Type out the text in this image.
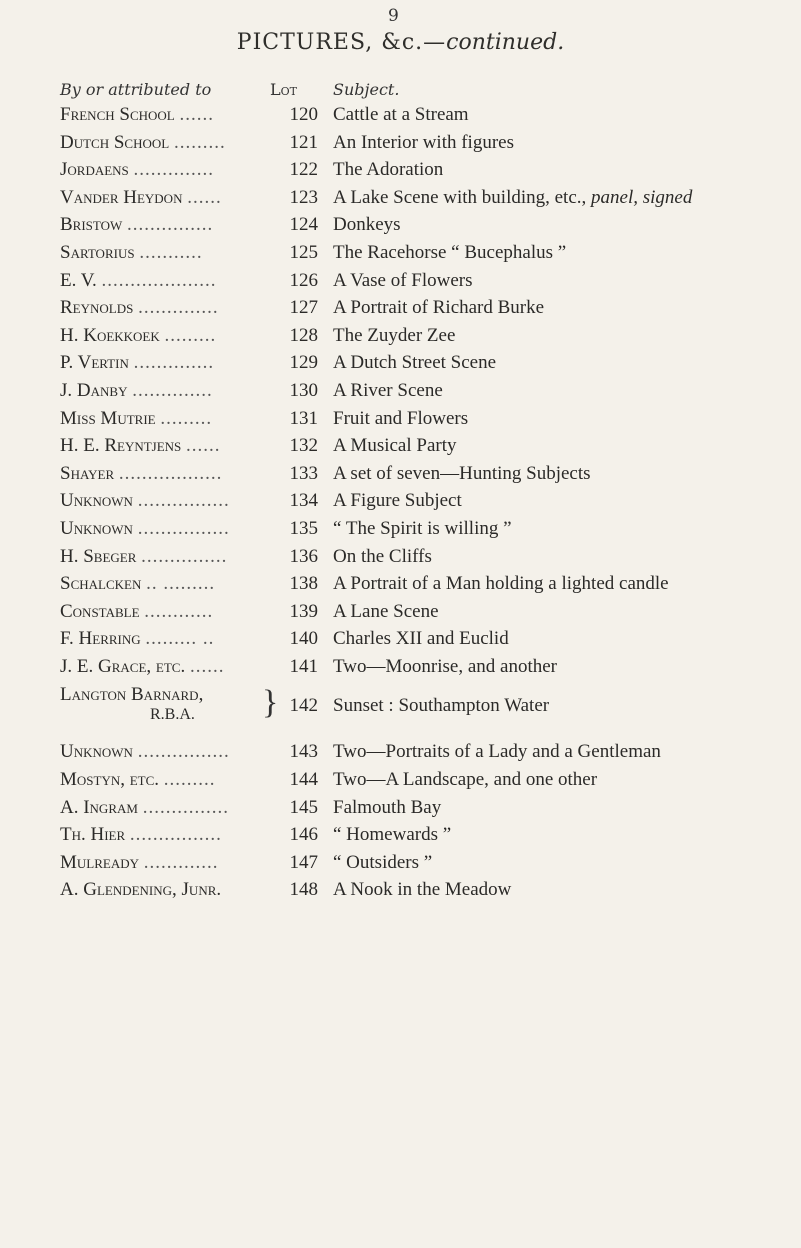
9
PICTURES, &c.—continued.
By or attributed to	Lot Subject.
French School ......	120 Cattle at a Stream
Dutch School .........	121 An Interior with figures
Jordaens ..............	122 The Adoration
Vander Heydon ......	123 A Lake Scene with building, etc., panel, signed
Bristow ...............	124 Donkeys
Sartorius ...........	125 The Racehorse “ Bucephalus ”
E. V. ....................	126 A Vase of Flowers
Reynolds ..............	127 A Portrait of Richard Burke
H. Koekkoek .........	128 The Zuyder Zee
P. Vertin ..............	129 A Dutch Street Scene
J. Danby ..............	130 A River Scene
Miss Mutrie .........	131 Fruit and Flowers
H. E. Reyntjens ......	132 A Musical Party
Shayer ..................	133 A set of seven—Hunting Subjects
Unknown ................	134 A Figure Subject
Unknown ................	135 “ The Spirit is willing ”
H. Sbeger ...............	136 On the Cliffs
Schalcken .. .........	138 A Portrait of a Man holding a lighted candle
Constable ............	139 A Lane Scene
F. Herring ......... ..	140 Charles XII and Euclid
J. E. Grace, etc. ......	141 Two—Moonrise, and another
Langton Barnard,
R.B.A.	} 142 Sunset : Southampton Water
Unknown ................	143 Two—Portraits of a Lady and a Gentleman
Mostyn, etc. .........	144 Two—A Landscape, and one other
A. Ingram ...............	145 Falmouth Bay
Th. Hier ................	146 “ Homewards ”
Mulready .............	147 “ Outsiders ”
A. Glendening, Junr.	148 A Nook in the Meadow
